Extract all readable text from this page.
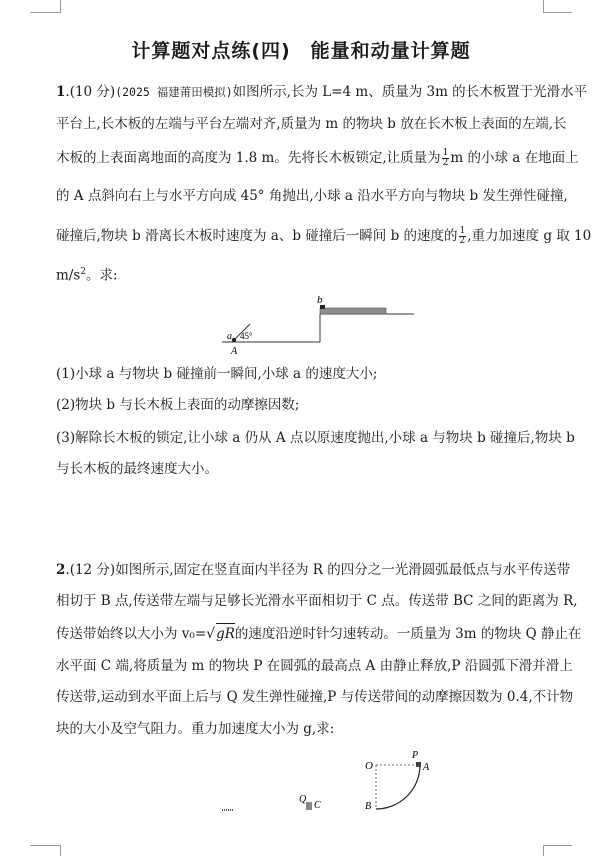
计算题对点练(四)　能量和动量计算题
1.(10 分)(2025 福建莆田模拟)如图所示,长为 L=4 m、质量为 3m 的长木板置于光滑水平
平台上,长木板的左端与平台左端对齐,质量为 m 的物块 b 放在长木板上表面的左端,长
木板的上表面离地面的高度为 1.8 m。先将长木板锁定,让质量为 $\frac{1}{2}$ m 的小球 a 在地面上
的 A 点斜向右上与水平方向成 45° 角抛出,小球 a 沿水平方向与物块 b 发生弹性碰撞,
碰撞后,物块 b 滑离长木板时速度为 a、b 碰撞后一瞬间 b 的速度的 $\frac{1}{2}$ ,重力加速度 g 取 10
$m/s^2$。求:
b
a 45°
A
(1)小球 a 与物块 b 碰撞前一瞬间,小球 a 的速度大小;
(2)物块 b 与长木板上表面的动摩擦因数;
(3)解除长木板的锁定,让小球 a 仍从 A 点以原速度抛出,小球 a 与物块 b 碰撞后,物块 b
与长木板的最终速度大小。
2.(12 分)如图所示,固定在竖直面内半径为 R 的四分之一光滑圆弧最低点与水平传送带
相切于 B 点,传送带左端与足够长光滑水平面相切于 C 点。传送带 BC 之间的距离为 R,
传送带始终以大小为 v₀=√gR的速度沿逆时针匀速转动。一质量为 3m 的物块 Q 静止在
水平面 C 端,将质量为 m 的物块 P 在圆弧的最高点 A 由静止释放,P 沿圆弧下滑并滑上
传送带,运动到水平面上后与 Q 发生弹性碰撞,P 与传送带间的动摩擦因数为 0.4,不计物
块的大小及空气阻力。重力加速度大小为 g,求:
O
P
A
B
Q
C
